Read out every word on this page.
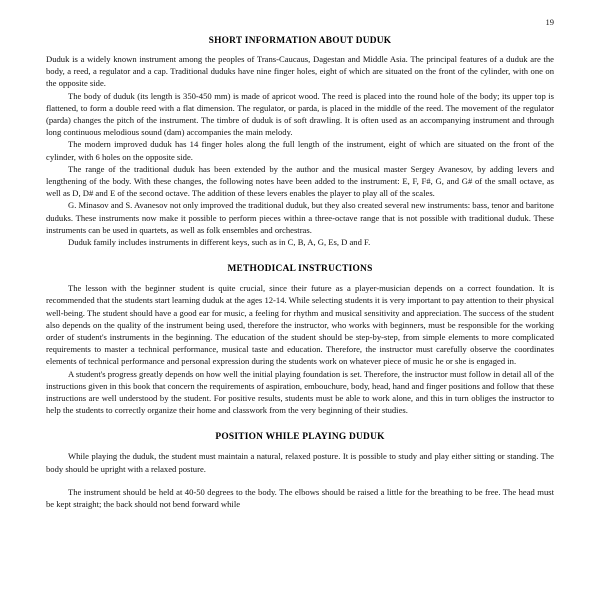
19
SHORT INFORMATION ABOUT DUDUK

Duduk is a widely known instrument among the peoples of Trans-Caucaus, Dagestan and Middle Asia. The principal features of a duduk are the body, a reed, a regulator and a cap. Traditional duduks have nine finger holes, eight of which are situated on the front of the cylinder, with one on the opposite side.

The body of duduk (its length is 350-450 mm) is made of apricot wood. The reed is placed into the round hole of the body; its upper top is flattened, to form a double reed with a flat dimension. The regulator, or parda, is placed in the middle of the reed. The movement of the regulator (parda) changes the pitch of the instrument. The timbre of duduk is of soft drawling. It is often used as an accompanying instrument and through long continuous melodious sound (dam) accompanies the main melody.

The modern improved duduk has 14 finger holes along the full length of the instrument, eight of which are situated on the front of the cylinder, with 6 holes on the opposite side.

The range of the traditional duduk has been extended by the author and the musical master Sergey Avanesov, by adding levers and lengthening of the body. With these changes, the following notes have been added to the instrument: E, F, F#, G, and G# of the small octave, as well as D, D# and E of the second octave. The addition of these levers enables the player to play all of the scales.

G. Minasov and S. Avanesov not only improved the traditional duduk, but they also created several new instruments: bass, tenor and baritone duduks. These instruments now make it possible to perform pieces within a three-octave range that is not possible with traditional duduk. These instruments can be used in quartets, as well as folk ensembles and orchestras.

Duduk family includes instruments in different keys, such as in C, B, A, G, Es, D and F.

METHODICAL INSTRUCTIONS

The lesson with the beginner student is quite crucial, since their future as a player-musician depends on a correct foundation. It is recommended that the students start learning duduk at the ages 12-14. While selecting students it is very important to pay attention to their physical well-being. The student should have a good ear for music, a feeling for rhythm and musical sensitivity and appreciation. The success of the student also depends on the quality of the instrument being used, therefore the instructor, who works with beginners, must be responsible for the working order of student's instruments in the beginning. The education of the student should be step-by-step, from simple elements to more complicated requirements to master a technical performance, musical taste and education. Therefore, the instructor must carefully observe the coordinates elements of technical performance and personal expression during the students work on whatever piece of music he or she is engaged in.

A student's progress greatly depends on how well the initial playing foundation is set. Therefore, the instructor must follow in detail all of the instructions given in this book that concern the requirements of aspiration, embouchure, body, head, hand and finger positions and follow that these instructions are well understood by the student. For positive results, students must be able to work alone, and this in turn obliges the instructor to help the students to correctly organize their home and classwork from the very beginning of their studies.

POSITION WHILE PLAYING DUDUK

While playing the duduk, the student must maintain a natural, relaxed posture. It is possible to study and play either sitting or standing. The body should be upright with a relaxed posture.

The instrument should be held at 40-50 degrees to the body. The elbows should be raised a little for the breathing to be free. The head must be kept straight; the back should not bend forward while
